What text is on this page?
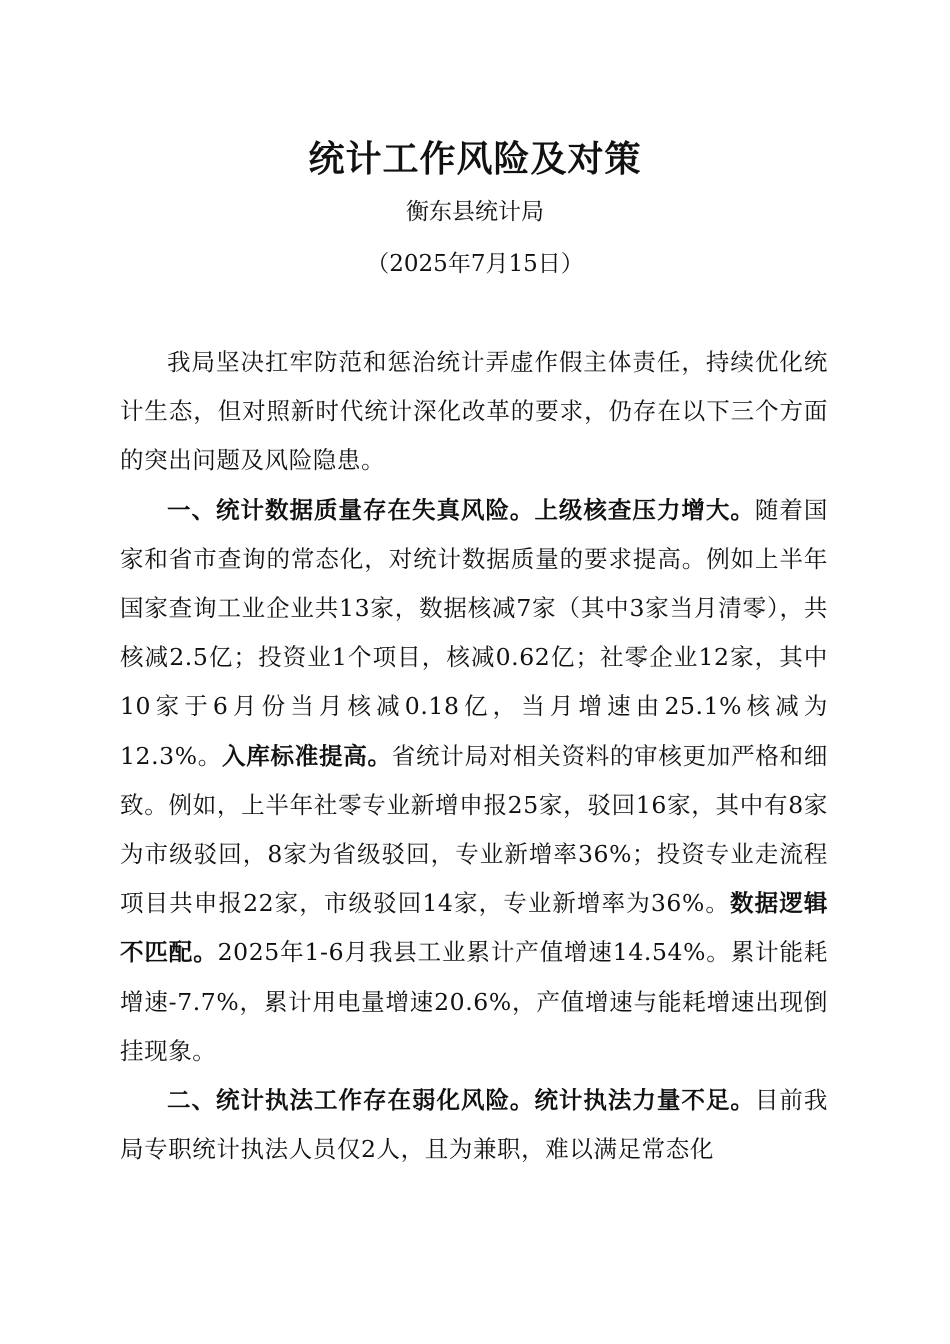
统计工作风险及对策
衡东县统计局
（2025年7月15日）

我局坚决扛牢防范和惩治统计弄虚作假主体责任，持续优化统计生态，但对照新时代统计深化改革的要求，仍存在以下三个方面的突出问题及风险隐患。

一、统计数据质量存在失真风险。上级核查压力增大。随着国家和省市查询的常态化，对统计数据质量的要求提高。例如上半年国家查询工业企业共13家，数据核减7家（其中3家当月清零），共核减2.5亿；投资业1个项目，核减0.62亿；社零企业12家，其中10家于6月份当月核减0.18亿，当月增速由25.1%核减为12.3%。入库标准提高。省统计局对相关资料的审核更加严格和细致。例如，上半年社零专业新增申报25家，驳回16家，其中有8家为市级驳回，8家为省级驳回，专业新增率36%；投资专业走流程项目共申报22家，市级驳回14家，专业新增率为36%。数据逻辑不匹配。2025年1-6月我县工业累计产值增速14.54%。累计能耗增速-7.7%，累计用电量增速20.6%，产值增速与能耗增速出现倒挂现象。

二、统计执法工作存在弱化风险。统计执法力量不足。目前我局专职统计执法人员仅2人，且为兼职，难以满足常态化
